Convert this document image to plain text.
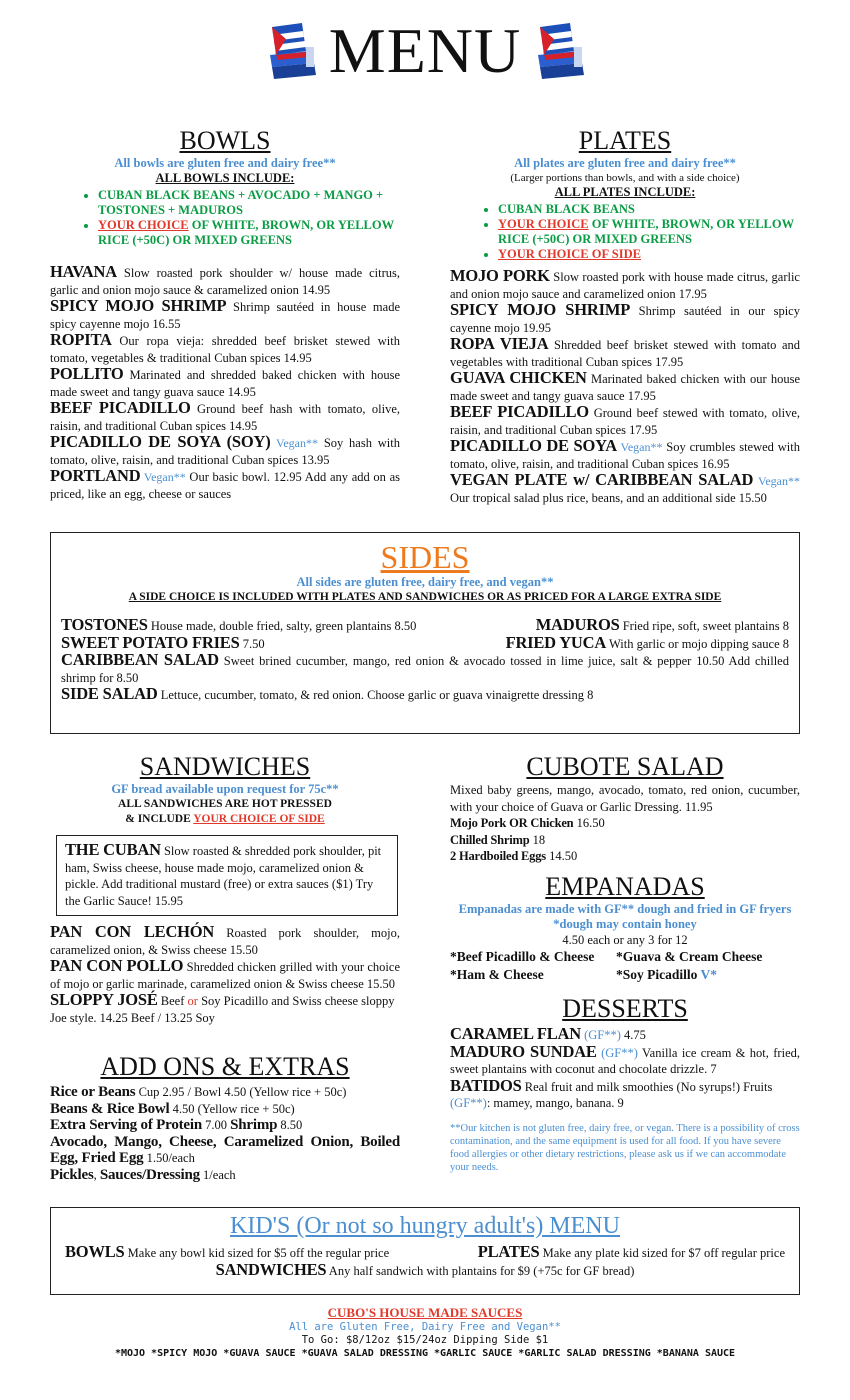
MENU
BOWLS
All bowls are gluten free and dairy free**
ALL BOWLS INCLUDE:
• CUBAN BLACK BEANS + AVOCADO + MANGO + TOSTONES + MADUROS
• YOUR CHOICE OF WHITE, BROWN, OR YELLOW RICE (+50C) OR MIXED GREENS
HAVANA Slow roasted pork shoulder w/ house made citrus, garlic and onion mojo sauce & caramelized onion 14.95
SPICY MOJO SHRIMP Shrimp sautéed in house made spicy cayenne mojo 16.55
ROPITA Our ropa vieja: shredded beef brisket stewed with tomato, vegetables & traditional Cuban spices 14.95
POLLITO Marinated and shredded baked chicken with house made sweet and tangy guava sauce 14.95
BEEF PICADILLO Ground beef hash with tomato, olive, raisin, and traditional Cuban spices 14.95
PICADILLO DE SOYA (SOY) Vegan** Soy hash with tomato, olive, raisin, and traditional Cuban spices 13.95
PORTLAND Vegan** Our basic bowl. 12.95 Add any add on as priced, like an egg, cheese or sauces
PLATES
All plates are gluten free and dairy free**
(Larger portions than bowls, and with a side choice)
ALL PLATES INCLUDE:
• CUBAN BLACK BEANS
• YOUR CHOICE OF WHITE, BROWN, OR YELLOW RICE (+50C) OR MIXED GREENS
• YOUR CHOICE OF SIDE
MOJO PORK Slow roasted pork with house made citrus, garlic and onion mojo sauce and caramelized onion 17.95
SPICY MOJO SHRIMP Shrimp sautéed in our spicy cayenne mojo 19.95
ROPA VIEJA Shredded beef brisket stewed with tomato and vegetables with traditional Cuban spices 17.95
GUAVA CHICKEN Marinated baked chicken with our house made sweet and tangy guava sauce 17.95
BEEF PICADILLO Ground beef stewed with tomato, olive, raisin, and traditional Cuban spices 17.95
PICADILLO DE SOYA Vegan** Soy crumbles stewed with tomato, olive, raisin, and traditional Cuban spices 16.95
VEGAN PLATE w/ CARIBBEAN SALAD Vegan** Our tropical salad plus rice, beans, and an additional side 15.50
SIDES
All sides are gluten free, dairy free, and vegan**
A SIDE CHOICE IS INCLUDED WITH PLATES AND SANDWICHES OR AS PRICED FOR A LARGE EXTRA SIDE
TOSTONES House made, double fried, salty, green plantains 8.50	MADUROS Fried ripe, soft, sweet plantains 8
SWEET POTATO FRIES 7.50	FRIED YUCA With garlic or mojo dipping sauce 8
CARIBBEAN SALAD Sweet brined cucumber, mango, red onion & avocado tossed in lime juice, salt & pepper 10.50 Add chilled shrimp for 8.50
SIDE SALAD Lettuce, cucumber, tomato, & red onion. Choose garlic or guava vinaigrette dressing 8
SANDWICHES
GF bread available upon request for 75c**
ALL SANDWICHES ARE HOT PRESSED
& INCLUDE YOUR CHOICE OF SIDE
THE CUBAN Slow roasted & shredded pork shoulder, pit ham, Swiss cheese, house made mojo, caramelized onion & pickle. Add traditional mustard (free) or extra sauces ($1) Try the Garlic Sauce! 15.95
PAN CON LECHÓN Roasted pork shoulder, mojo, caramelized onion, & Swiss cheese 15.50
PAN CON POLLO Shredded chicken grilled with your choice of mojo or garlic marinade, caramelized onion & Swiss cheese 15.50
SLOPPY JOSÉ Beef or Soy Picadillo and Swiss cheese sloppy Joe style. 14.25 Beef / 13.25 Soy
ADD ONS & EXTRAS
Rice or Beans Cup 2.95 / Bowl 4.50 (Yellow rice + 50c)
Beans & Rice Bowl 4.50 (Yellow rice + 50c)
Extra Serving of Protein 7.00 Shrimp 8.50
Avocado, Mango, Cheese, Caramelized Onion, Boiled Egg, Fried Egg 1.50/each
Pickles, Sauces/Dressing 1/each
CUBOTE SALAD
Mixed baby greens, mango, avocado, tomato, red onion, cucumber, with your choice of Guava or Garlic Dressing. 11.95
Mojo Pork OR Chicken 16.50
Chilled Shrimp 18
2 Hardboiled Eggs 14.50
EMPANADAS
Empanadas are made with GF** dough and fried in GF fryers
*dough may contain honey
4.50 each or any 3 for 12
*Beef Picadillo & Cheese	*Guava & Cream Cheese
*Ham & Cheese	*Soy Picadillo V*
DESSERTS
CARAMEL FLAN (GF**) 4.75
MADURO SUNDAE (GF**) Vanilla ice cream & hot, fried, sweet plantains with coconut and chocolate drizzle. 7
BATIDOS Real fruit and milk smoothies (No syrups!) Fruits (GF**): mamey, mango, banana. 9
**Our kitchen is not gluten free, dairy free, or vegan. There is a possibility of cross contamination, and the same equipment is used for all food. If you have severe food allergies or other dietary restrictions, please ask us if we can accommodate your needs.
KID'S (Or not so hungry adult's) MENU
BOWLS Make any bowl kid sized for $5 off the regular price	PLATES Make any plate kid sized for $7 off regular price
SANDWICHES Any half sandwich with plantains for $9 (+75c for GF bread)
CUBO'S HOUSE MADE SAUCES
All are Gluten Free, Dairy Free and Vegan**
To Go: $8/12oz $15/24oz Dipping Side $1
*MOJO *SPICY MOJO *GUAVA SAUCE *GUAVA SALAD DRESSING *GARLIC SAUCE *GARLIC SALAD DRESSING *BANANA SAUCE
